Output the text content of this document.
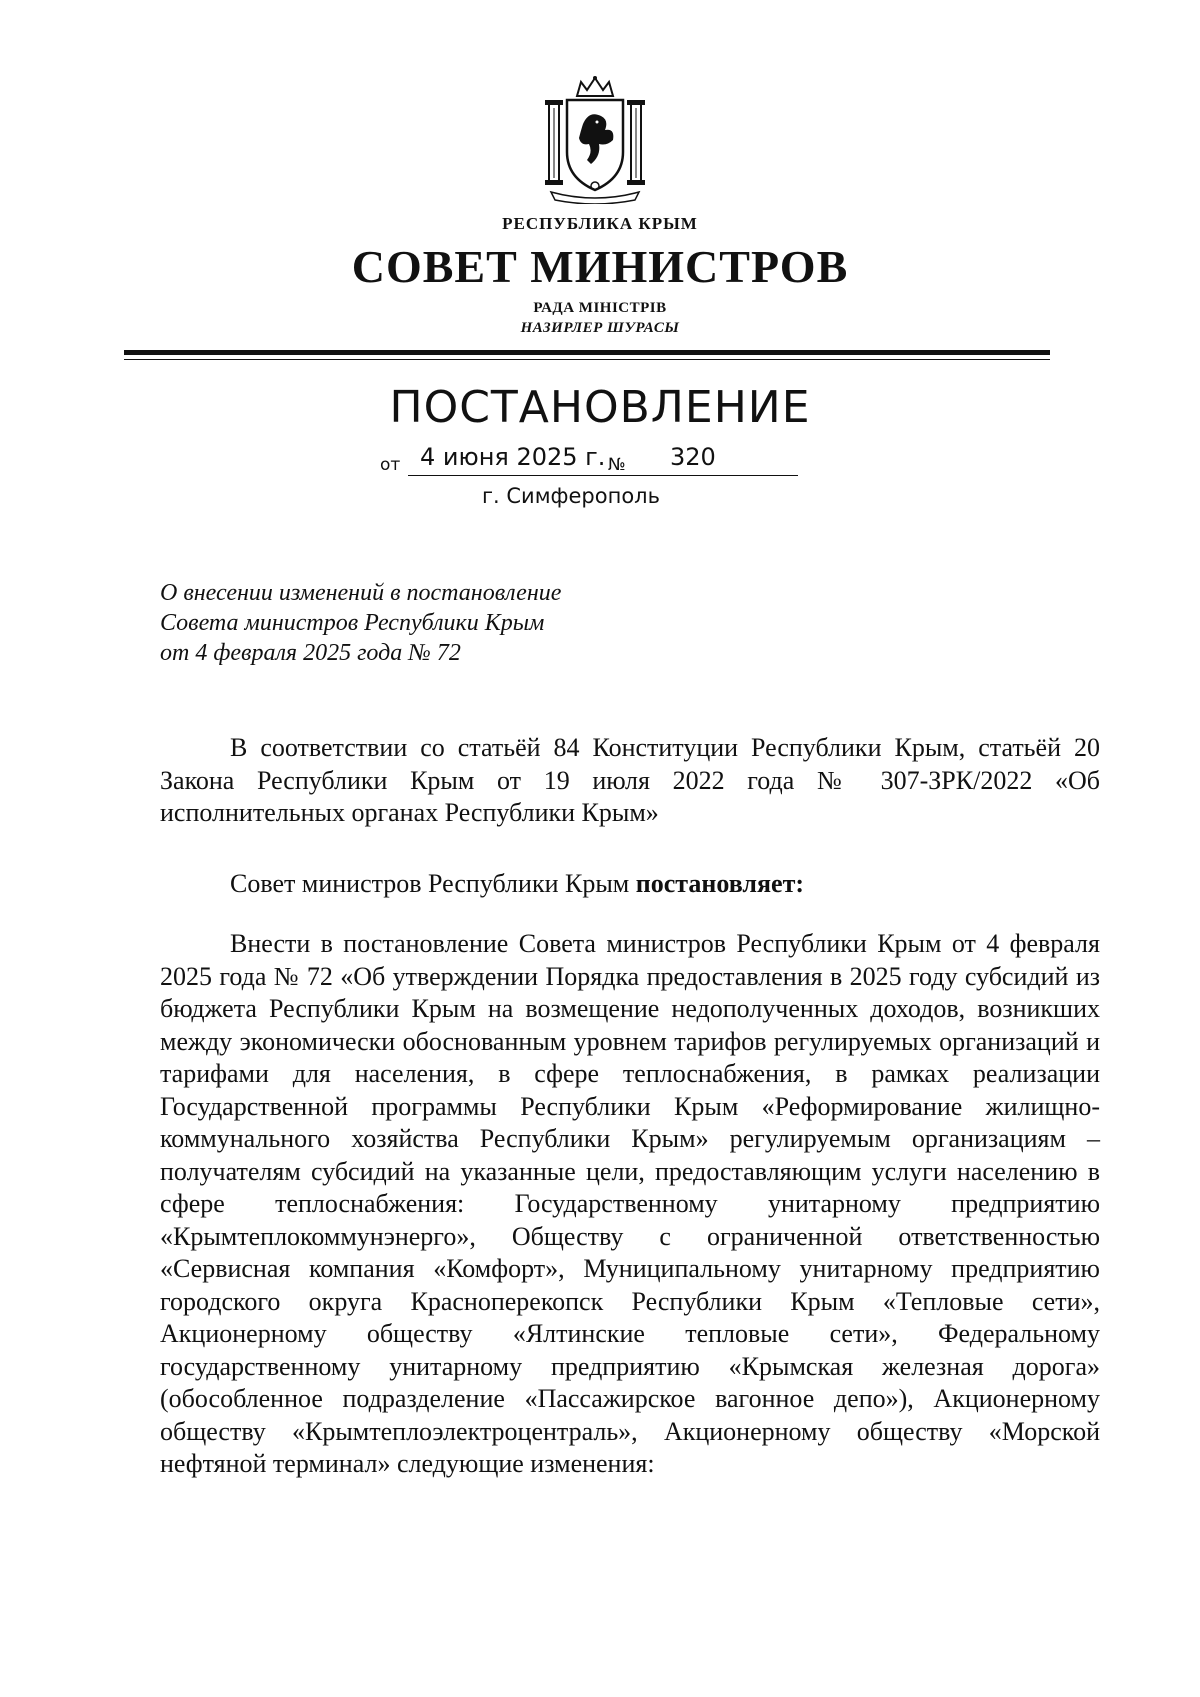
РЕСПУБЛИКА КРЫМ
СОВЕТ МИНИСТРОВ
РАДА МІНІСТРІВ
НАЗИРЛЕР ШУРАСЫ
ПОСТАНОВЛЕНИЕ
от 4 июня 2025 г. № 320
г. Симферополь
О внесении изменений в постановление
Совета министров Республики Крым
от 4 февраля 2025 года № 72
В соответствии со статьёй 84 Конституции Республики Крым, статьёй 20 Закона Республики Крым от 19 июля 2022 года № 307-ЗРК/2022 «Об исполнительных органах Республики Крым»
Совет министров Республики Крым постановляет:
Внести в постановление Совета министров Республики Крым от 4 февраля 2025 года № 72 «Об утверждении Порядка предоставления в 2025 году субсидий из бюджета Республики Крым на возмещение недополученных доходов, возникших между экономически обоснованным уровнем тарифов регулируемых организаций и тарифами для населения, в сфере теплоснабжения, в рамках реализации Государственной программы Республики Крым «Реформирование жилищно-коммунального хозяйства Республики Крым» регулируемым организациям – получателям субсидий на указанные цели, предоставляющим услуги населению в сфере теплоснабжения: Государственному унитарному предприятию «Крымтеплокоммунэнерго», Обществу с ограниченной ответственностью «Сервисная компания «Комфорт», Муниципальному унитарному предприятию городского округа Красноперекопск Республики Крым «Тепловые сети», Акционерному обществу «Ялтинские тепловые сети», Федеральному государственному унитарному предприятию «Крымская железная дорога» (обособленное подразделение «Пассажирское вагонное депо»), Акционерному обществу «Крымтеплоэлектроцентраль», Акционерному обществу «Морской нефтяной терминал» следующие изменения:
